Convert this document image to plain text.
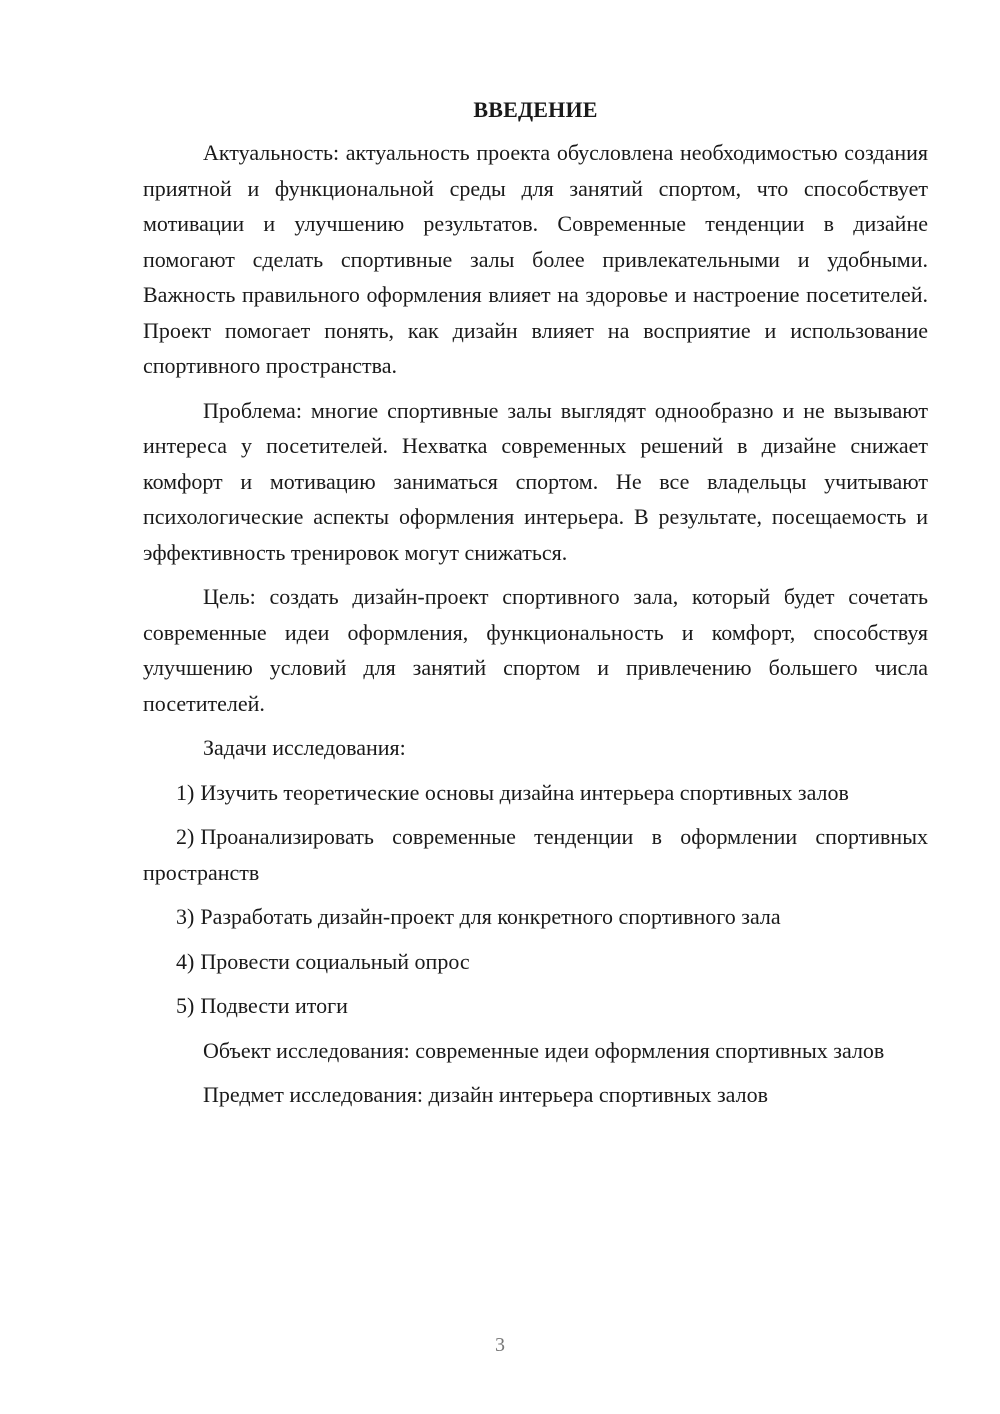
ВВЕДЕНИЕ

Актуальность: актуальность проекта обусловлена необходимостью создания приятной и функциональной среды для занятий спортом, что способствует мотивации и улучшению результатов. Современные тенденции в дизайне помогают сделать спортивные залы более привлекательными и удобными. Важность правильного оформления влияет на здоровье и настроение посетителей. Проект помогает понять, как дизайн влияет на восприятие и использование спортивного пространства.

Проблема: многие спортивные залы выглядят однообразно и не вызывают интереса у посетителей. Нехватка современных решений в дизайне снижает комфорт и мотивацию заниматься спортом. Не все владельцы учитывают психологические аспекты оформления интерьера. В результате, посещаемость и эффективность тренировок могут снижаться.

Цель: создать дизайн-проект спортивного зала, который будет сочетать современные идеи оформления, функциональность и комфорт, способствуя улучшению условий для занятий спортом и привлечению большего числа посетителей.

Задачи исследования:

1) Изучить теоретические основы дизайна интерьера спортивных залов

2) Проанализировать современные тенденции в оформлении спортивных пространств

3) Разработать дизайн-проект для конкретного спортивного зала

4) Провести социальный опрос

5) Подвести итоги

Объект исследования: современные идеи оформления спортивных залов

Предмет исследования: дизайн интерьера спортивных залов

3
